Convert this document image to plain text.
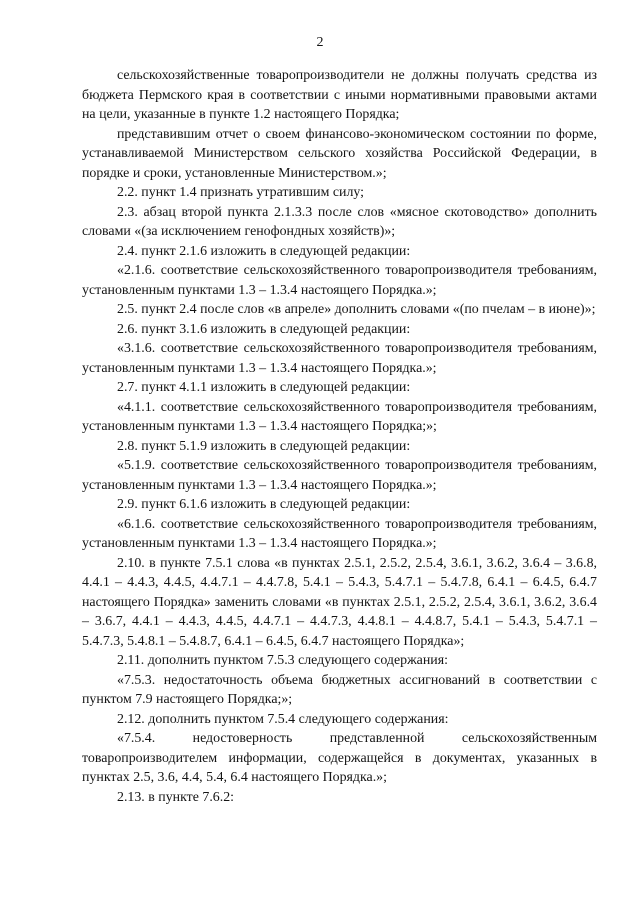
2

сельскохозяйственные товаропроизводители не должны получать средства из бюджета Пермского края в соответствии с иными нормативными правовыми актами на цели, указанные в пункте 1.2 настоящего Порядка;

представившим отчет о своем финансово-экономическом состоянии по форме, устанавливаемой Министерством сельского хозяйства Российской Федерации, в порядке и сроки, установленные Министерством.»;

2.2. пункт 1.4 признать утратившим силу;

2.3. абзац второй пункта 2.1.3.3 после слов «мясное скотоводство» дополнить словами «(за исключением генофондных хозяйств)»;

2.4. пункт 2.1.6 изложить в следующей редакции:

«2.1.6. соответствие сельскохозяйственного товаропроизводителя требованиям, установленным пунктами 1.3 – 1.3.4 настоящего Порядка.»;

2.5. пункт 2.4 после слов «в апреле» дополнить словами «(по пчелам – в июне)»;

2.6. пункт 3.1.6 изложить в следующей редакции:

«3.1.6. соответствие сельскохозяйственного товаропроизводителя требованиям, установленным пунктами 1.3 – 1.3.4 настоящего Порядка.»;

2.7. пункт 4.1.1 изложить в следующей редакции:

«4.1.1. соответствие сельскохозяйственного товаропроизводителя требованиям, установленным пунктами 1.3 – 1.3.4 настоящего Порядка;»;

2.8. пункт 5.1.9 изложить в следующей редакции:

«5.1.9. соответствие сельскохозяйственного товаропроизводителя требованиям, установленным пунктами 1.3 – 1.3.4 настоящего Порядка.»;

2.9. пункт 6.1.6 изложить в следующей редакции:

«6.1.6. соответствие сельскохозяйственного товаропроизводителя требованиям, установленным пунктами 1.3 – 1.3.4 настоящего Порядка.»;

2.10. в пункте 7.5.1 слова «в пунктах 2.5.1, 2.5.2, 2.5.4, 3.6.1, 3.6.2, 3.6.4 – 3.6.8, 4.4.1 – 4.4.3, 4.4.5, 4.4.7.1 – 4.4.7.8, 5.4.1 – 5.4.3, 5.4.7.1 – 5.4.7.8, 6.4.1 – 6.4.5, 6.4.7 настоящего Порядка» заменить словами «в пунктах 2.5.1, 2.5.2, 2.5.4, 3.6.1, 3.6.2, 3.6.4 – 3.6.7, 4.4.1 – 4.4.3, 4.4.5, 4.4.7.1 – 4.4.7.3, 4.4.8.1 – 4.4.8.7, 5.4.1 – 5.4.3, 5.4.7.1 – 5.4.7.3, 5.4.8.1 – 5.4.8.7, 6.4.1 – 6.4.5, 6.4.7 настоящего Порядка»;

2.11. дополнить пунктом 7.5.3 следующего содержания:

«7.5.3. недостаточность объема бюджетных ассигнований в соответствии с пунктом 7.9 настоящего Порядка;»;

2.12. дополнить пунктом 7.5.4 следующего содержания:

«7.5.4. недостоверность представленной сельскохозяйственным товаропроизводителем информации, содержащейся в документах, указанных в пунктах 2.5, 3.6, 4.4, 5.4, 6.4 настоящего Порядка.»;

2.13. в пункте 7.6.2:
